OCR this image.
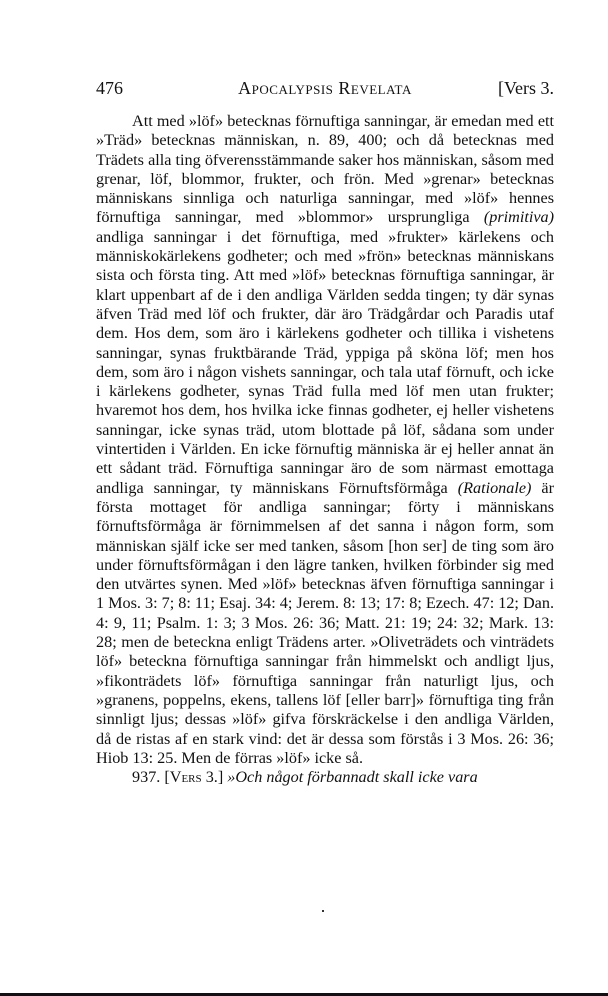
476	Apocalypsis Revelata	[Vers 3.

Att med »löf» betecknas förnuftiga sanningar, är emedan med ett »Träd» betecknas människan, n. 89, 400; och då betecknas med Trädets alla ting öfverensstämmande saker hos människan, såsom med grenar, löf, blommor, frukter, och frön. Med »grenar» betecknas människans sinnliga och naturliga sanningar, med »löf» hennes förnuftiga sanningar, med »blommor» ursprungliga (primitiva) andliga sanningar i det förnuftiga, med »frukter» kärlekens och människokärlekens godheter; och med »frön» betecknas människans sista och första ting. Att med »löf» betecknas förnuftiga sanningar, är klart uppenbart af de i den andliga Världen sedda tingen; ty där synas äfven Träd med löf och frukter, där äro Trädgårdar och Paradis utaf dem. Hos dem, som äro i kärlekens godheter och tillika i vishetens sanningar, synas fruktbärande Träd, yppiga på sköna löf; men hos dem, som äro i någon vishets sanningar, och tala utaf förnuft, och icke i kärlekens godheter, synas Träd fulla med löf men utan frukter; hvaremot hos dem, hos hvilka icke finnas godheter, ej heller vishetens sanningar, icke synas träd, utom blottade på löf, sådana som under vintertiden i Världen. En icke förnuftig människa är ej heller annat än ett sådant träd. Förnuftiga sanningar äro de som närmast emottaga andliga sanningar, ty människans Förnuftsförmåga (Rationale) är första mottaget för andliga sanningar; förty i människans förnuftsförmåga är förnimmelsen af det sanna i någon form, som människan själf icke ser med tanken, såsom [hon ser] de ting som äro under förnuftsförmågan i den lägre tanken, hvilken förbinder sig med den utvärtes synen. Med »löf» betecknas äfven förnuftiga sanningar i 1 Mos. 3: 7; 8: 11; Esaj. 34: 4; Jerem. 8: 13; 17: 8; Ezech. 47: 12; Dan. 4: 9, 11; Psalm. 1: 3; 3 Mos. 26: 36; Matt. 21: 19; 24: 32; Mark. 13: 28; men de beteckna enligt Trädens arter. »Oliveträdets och vinträdets löf» beteckna förnuftiga sanningar från himmelskt och andligt ljus, »fikonträdets löf» förnuftiga sanningar från naturligt ljus, och »granens, poppelns, ekens, tallens löf [eller barr]» förnuftiga ting från sinnligt ljus; dessas »löf» gifva förskräckelse i den andliga Världen, då de ristas af en stark vind: det är dessa som förstås i 3 Mos. 26: 36; Hiob 13: 25. Men de förras »löf» icke så.

937. [Vers 3.] »Och något förbannadt skall icke vara
